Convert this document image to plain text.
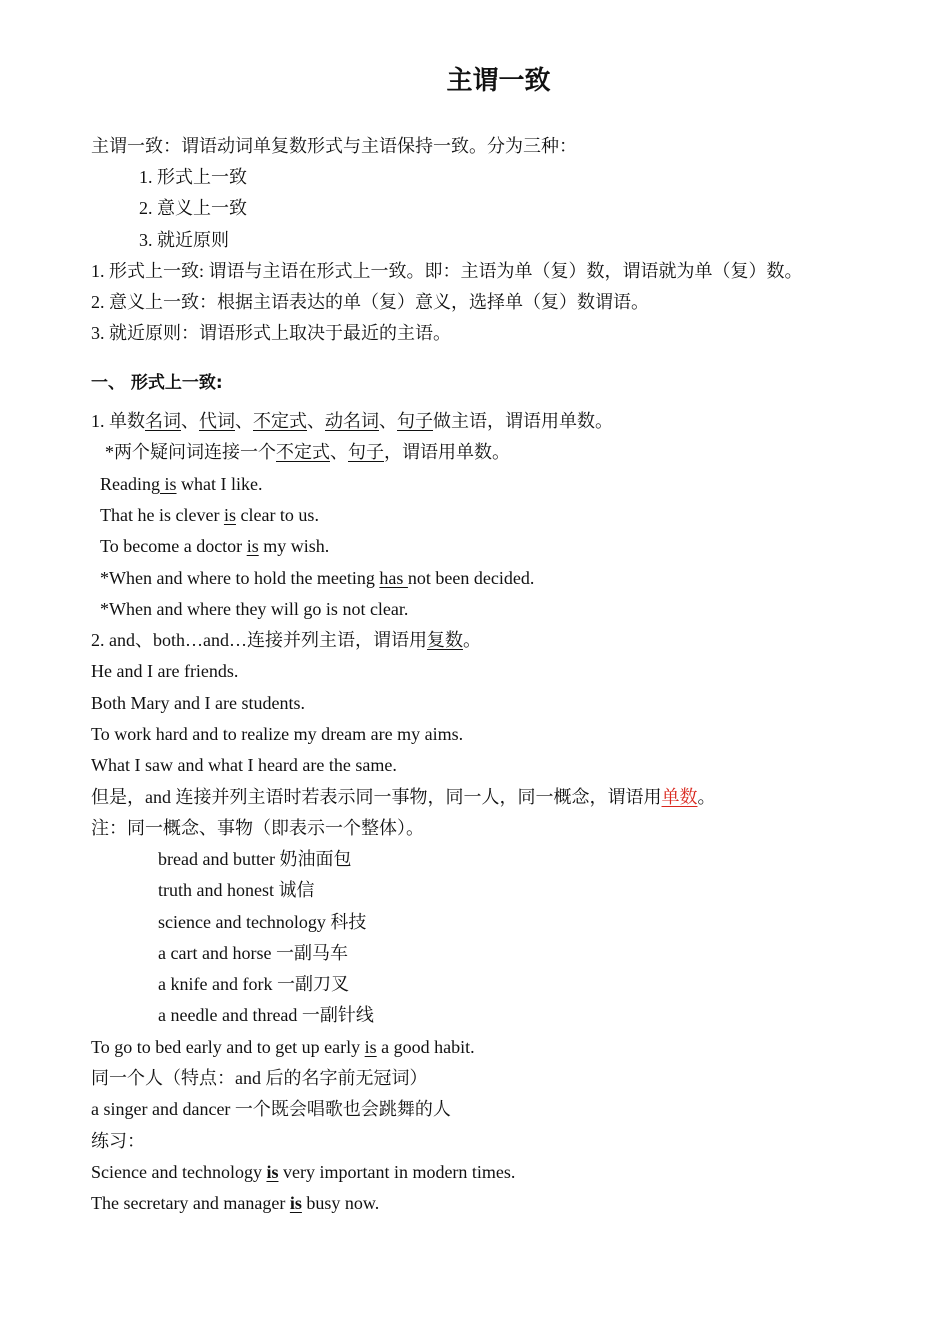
主谓一致

主谓一致：谓语动词单复数形式与主语保持一致。分为三种：

1. 形式上一致

2. 意义上一致

3. 就近原则

1. 形式上一致: 谓语与主语在形式上一致。即：主语为单（复）数，谓语就为单（复）数。

2. 意义上一致：根据主语表达的单（复）意义，选择单（复）数谓语。

3. 就近原则：谓语形式上取决于最近的主语。

一、 形式上一致:

1. 单数名词、代词、不定式、动名词、句子做主语，谓语用单数。

*两个疑问词连接一个不定式、句子，谓语用单数。

Reading is what I like.

That he is clever is clear to us.

To become a doctor is my wish.

*When and where to hold the meeting has not been decided.

*When and where they will go is not clear.

2. and、both…and…连接并列主语，谓语用复数。

He and I are friends.

Both Mary and I are students.

To work hard and to realize my dream are my aims.

What I saw and what I heard are the same.

但是，and 连接并列主语时若表示同一事物，同一人，同一概念，谓语用单数。

注：同一概念、事物（即表示一个整体）。

bread and butter 奶油面包

truth and honest 诚信

science and technology 科技

a cart and horse 一副马车

a knife and fork 一副刀叉

a needle and thread 一副针线

To go to bed early and to get up early is a good habit.

同一个人（特点：and 后的名字前无冠词）

a singer and dancer 一个既会唱歌也会跳舞的人

练习：

Science and technology is very important in modern times.

The secretary and manager is busy now.
